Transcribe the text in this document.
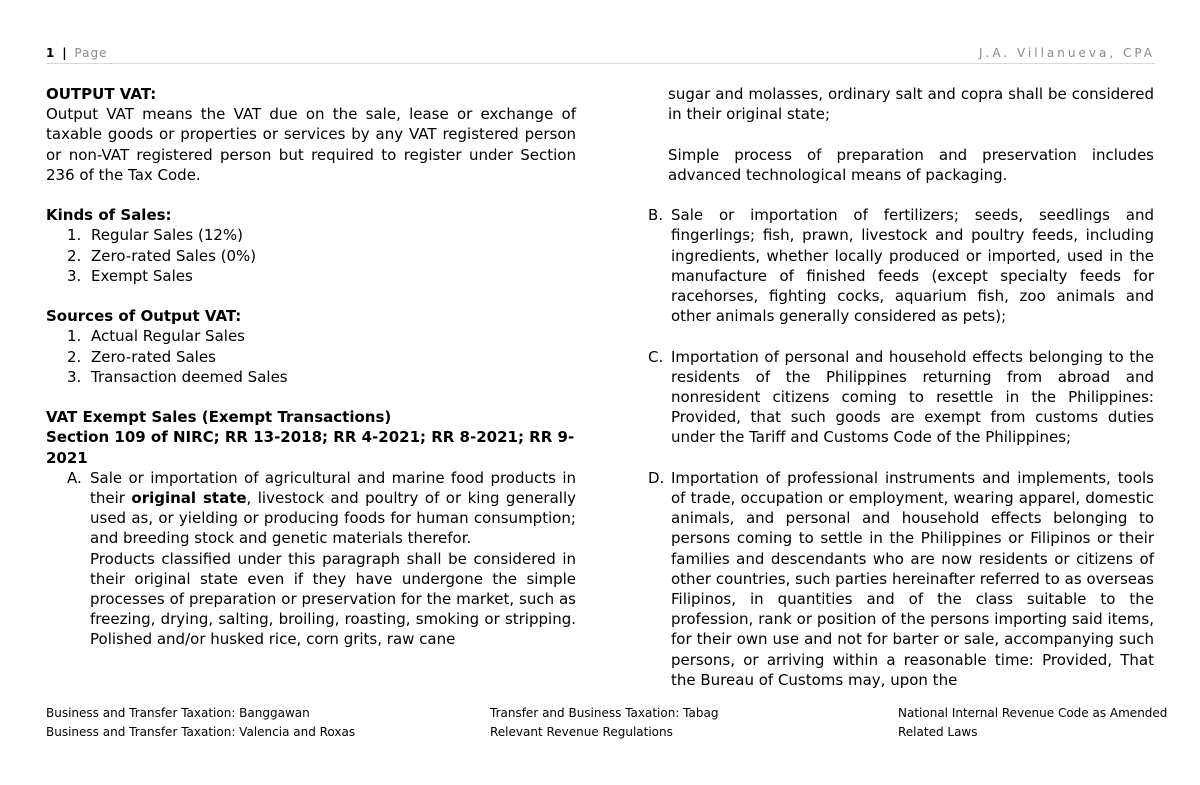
1 | Page	J.A. Villanueva, CPA
OUTPUT VAT:

Output VAT means the VAT due on the sale, lease or exchange of taxable goods or properties or services by any VAT registered person or non-VAT registered person but required to register under Section 236 of the Tax Code.

Kinds of Sales:
1. Regular Sales (12%)
2. Zero-rated Sales (0%)
3. Exempt Sales
Sources of Output VAT:
1. Actual Regular Sales
2. Zero-rated Sales
3. Transaction deemed Sales
VAT Exempt Sales (Exempt Transactions)
Section 109 of NIRC; RR 13-2018; RR 4-2021; RR 8-2021; RR 9-2021
A. Sale or importation of agricultural and marine food products in their original state, livestock and poultry of or king generally used as, or yielding or producing foods for human consumption; and breeding stock and genetic materials therefor.
Products classified under this paragraph shall be considered in their original state even if they have undergone the simple processes of preparation or preservation for the market, such as freezing, drying, salting, broiling, roasting, smoking or stripping. Polished and/or husked rice, corn grits, raw cane
sugar and molasses, ordinary salt and copra shall be considered in their original state;
Simple process of preparation and preservation includes advanced technological means of packaging.
B. Sale or importation of fertilizers; seeds, seedlings and fingerlings; fish, prawn, livestock and poultry feeds, including ingredients, whether locally produced or imported, used in the manufacture of finished feeds (except specialty feeds for racehorses, fighting cocks, aquarium fish, zoo animals and other animals generally considered as pets);
C. Importation of personal and household effects belonging to the residents of the Philippines returning from abroad and nonresident citizens coming to resettle in the Philippines: Provided, that such goods are exempt from customs duties under the Tariff and Customs Code of the Philippines;
D. Importation of professional instruments and implements, tools of trade, occupation or employment, wearing apparel, domestic animals, and personal and household effects belonging to persons coming to settle in the Philippines or Filipinos or their families and descendants who are now residents or citizens of other countries, such parties hereinafter referred to as overseas Filipinos, in quantities and of the class suitable to the profession, rank or position of the persons importing said items, for their own use and not for barter or sale, accompanying such persons, or arriving within a reasonable time: Provided, That the Bureau of Customs may, upon the
Business and Transfer Taxation: Banggawan
Business and Transfer Taxation: Valencia and Roxas
Transfer and Business Taxation: Tabag
Relevant Revenue Regulations
National Internal Revenue Code as Amended
Related Laws
